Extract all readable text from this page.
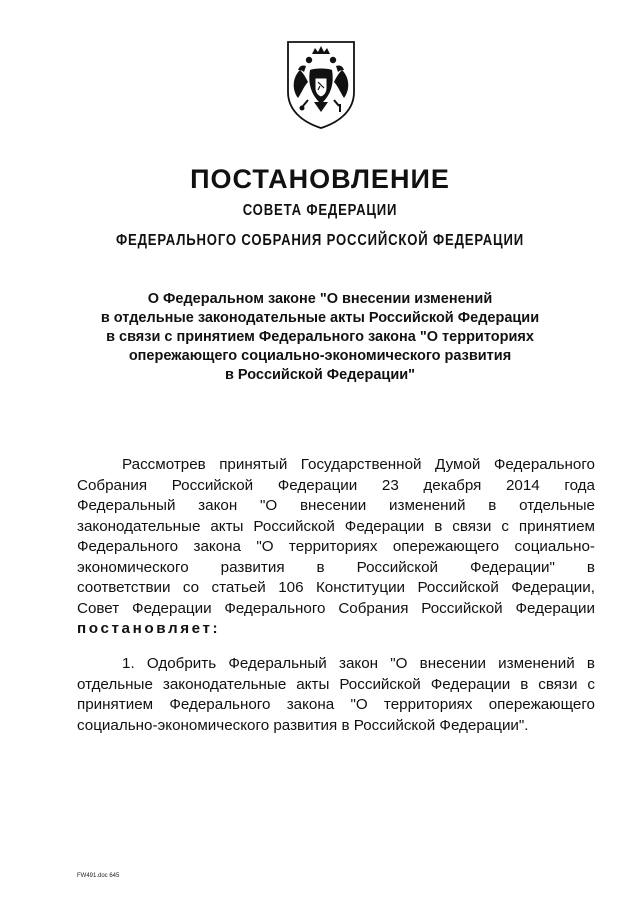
ПОСТАНОВЛЕНИЕ
СОВЕТА ФЕДЕРАЦИИ
ФЕДЕРАЛЬНОГО СОБРАНИЯ РОССИЙСКОЙ ФЕДЕРАЦИИ
О Федеральном законе "О внесении изменений
в отдельные законодательные акты Российской Федерации
в связи с принятием Федерального закона "О территориях
опережающего социально-экономического развития
в Российской Федерации"
Рассмотрев принятый Государственной Думой Федерального
Собрания Российской Федерации 23 декабря 2014 года
Федеральный закон "О внесении изменений в отдельные
законодательные акты Российской Федерации в связи с принятием
Федерального закона "О территориях опережающего социально-
экономического развития в Российской Федерации" в
соответствии со статьей 106 Конституции Российской Федерации,
Совет Федерации Федерального Собрания Российской Федерации
постановляет:
1. Одобрить Федеральный закон "О внесении изменений в
отдельные законодательные акты Российской Федерации в связи с
принятием Федерального закона "О территориях опережающего
социально-экономического развития в Российской Федерации".
FW491.doc 645
